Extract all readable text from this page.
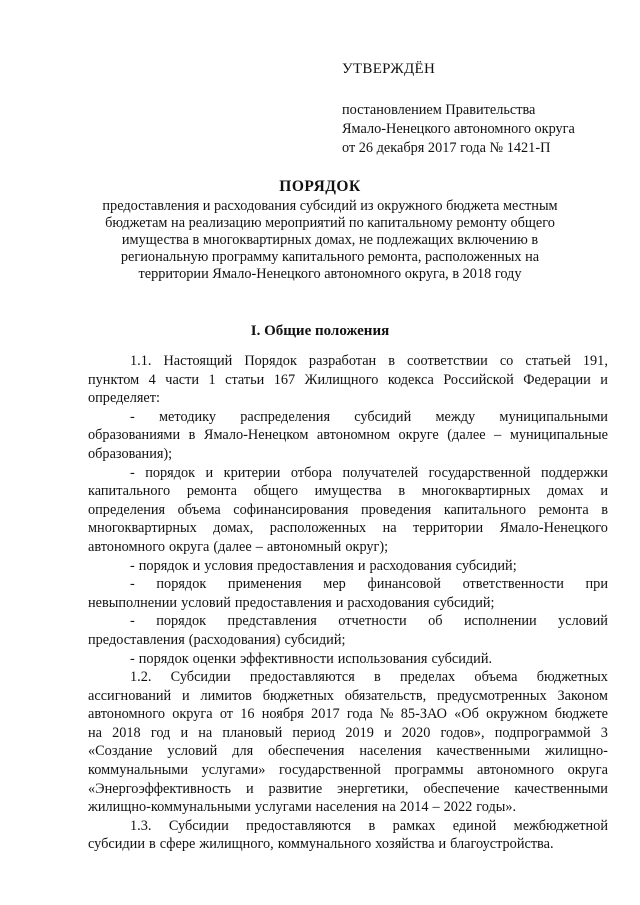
УТВЕРЖДЁН
постановлением Правительства
Ямало-Ненецкого автономного округа
от 26 декабря 2017 года № 1421-П
ПОРЯДОК
предоставления и расходования субсидий из окружного бюджета местным
бюджетам на реализацию мероприятий по капитальному ремонту общего
имущества в многоквартирных домах, не подлежащих включению в
региональную программу капитального ремонта, расположенных на
территории Ямало-Ненецкого автономного округа, в 2018 году
I. Общие положения
1.1. Настоящий Порядок разработан в соответствии со статьей 191,
пунктом 4 части 1 статьи 167 Жилищного кодекса Российской Федерации и
определяет:
- методику распределения субсидий между муниципальными
образованиями в Ямало-Ненецком автономном округе (далее – муниципальные
образования);
- порядок и критерии отбора получателей государственной поддержки
капитального ремонта общего имущества в многоквартирных домах и
определения объема софинансирования проведения капитального ремонта в
многоквартирных домах, расположенных на территории Ямало-Ненецкого
автономного округа (далее – автономный округ);
- порядок и условия предоставления и расходования субсидий;
- порядок применения мер финансовой ответственности при
невыполнении условий предоставления и расходования субсидий;
- порядок представления отчетности об исполнении условий
предоставления (расходования) субсидий;
- порядок оценки эффективности использования субсидий.
1.2. Субсидии предоставляются в пределах объема бюджетных
ассигнований и лимитов бюджетных обязательств, предусмотренных Законом
автономного округа от 16 ноября 2017 года № 85-ЗАО «Об окружном бюджете
на 2018 год и на плановый период 2019 и 2020 годов», подпрограммой 3
«Создание условий для обеспечения населения качественными жилищно-
коммунальными услугами» государственной программы автономного округа
«Энергоэффективность и развитие энергетики, обеспечение качественными
жилищно-коммунальными услугами населения на 2014 – 2022 годы».
1.3. Субсидии предоставляются в рамках единой межбюджетной
субсидии в сфере жилищного, коммунального хозяйства и благоустройства.
